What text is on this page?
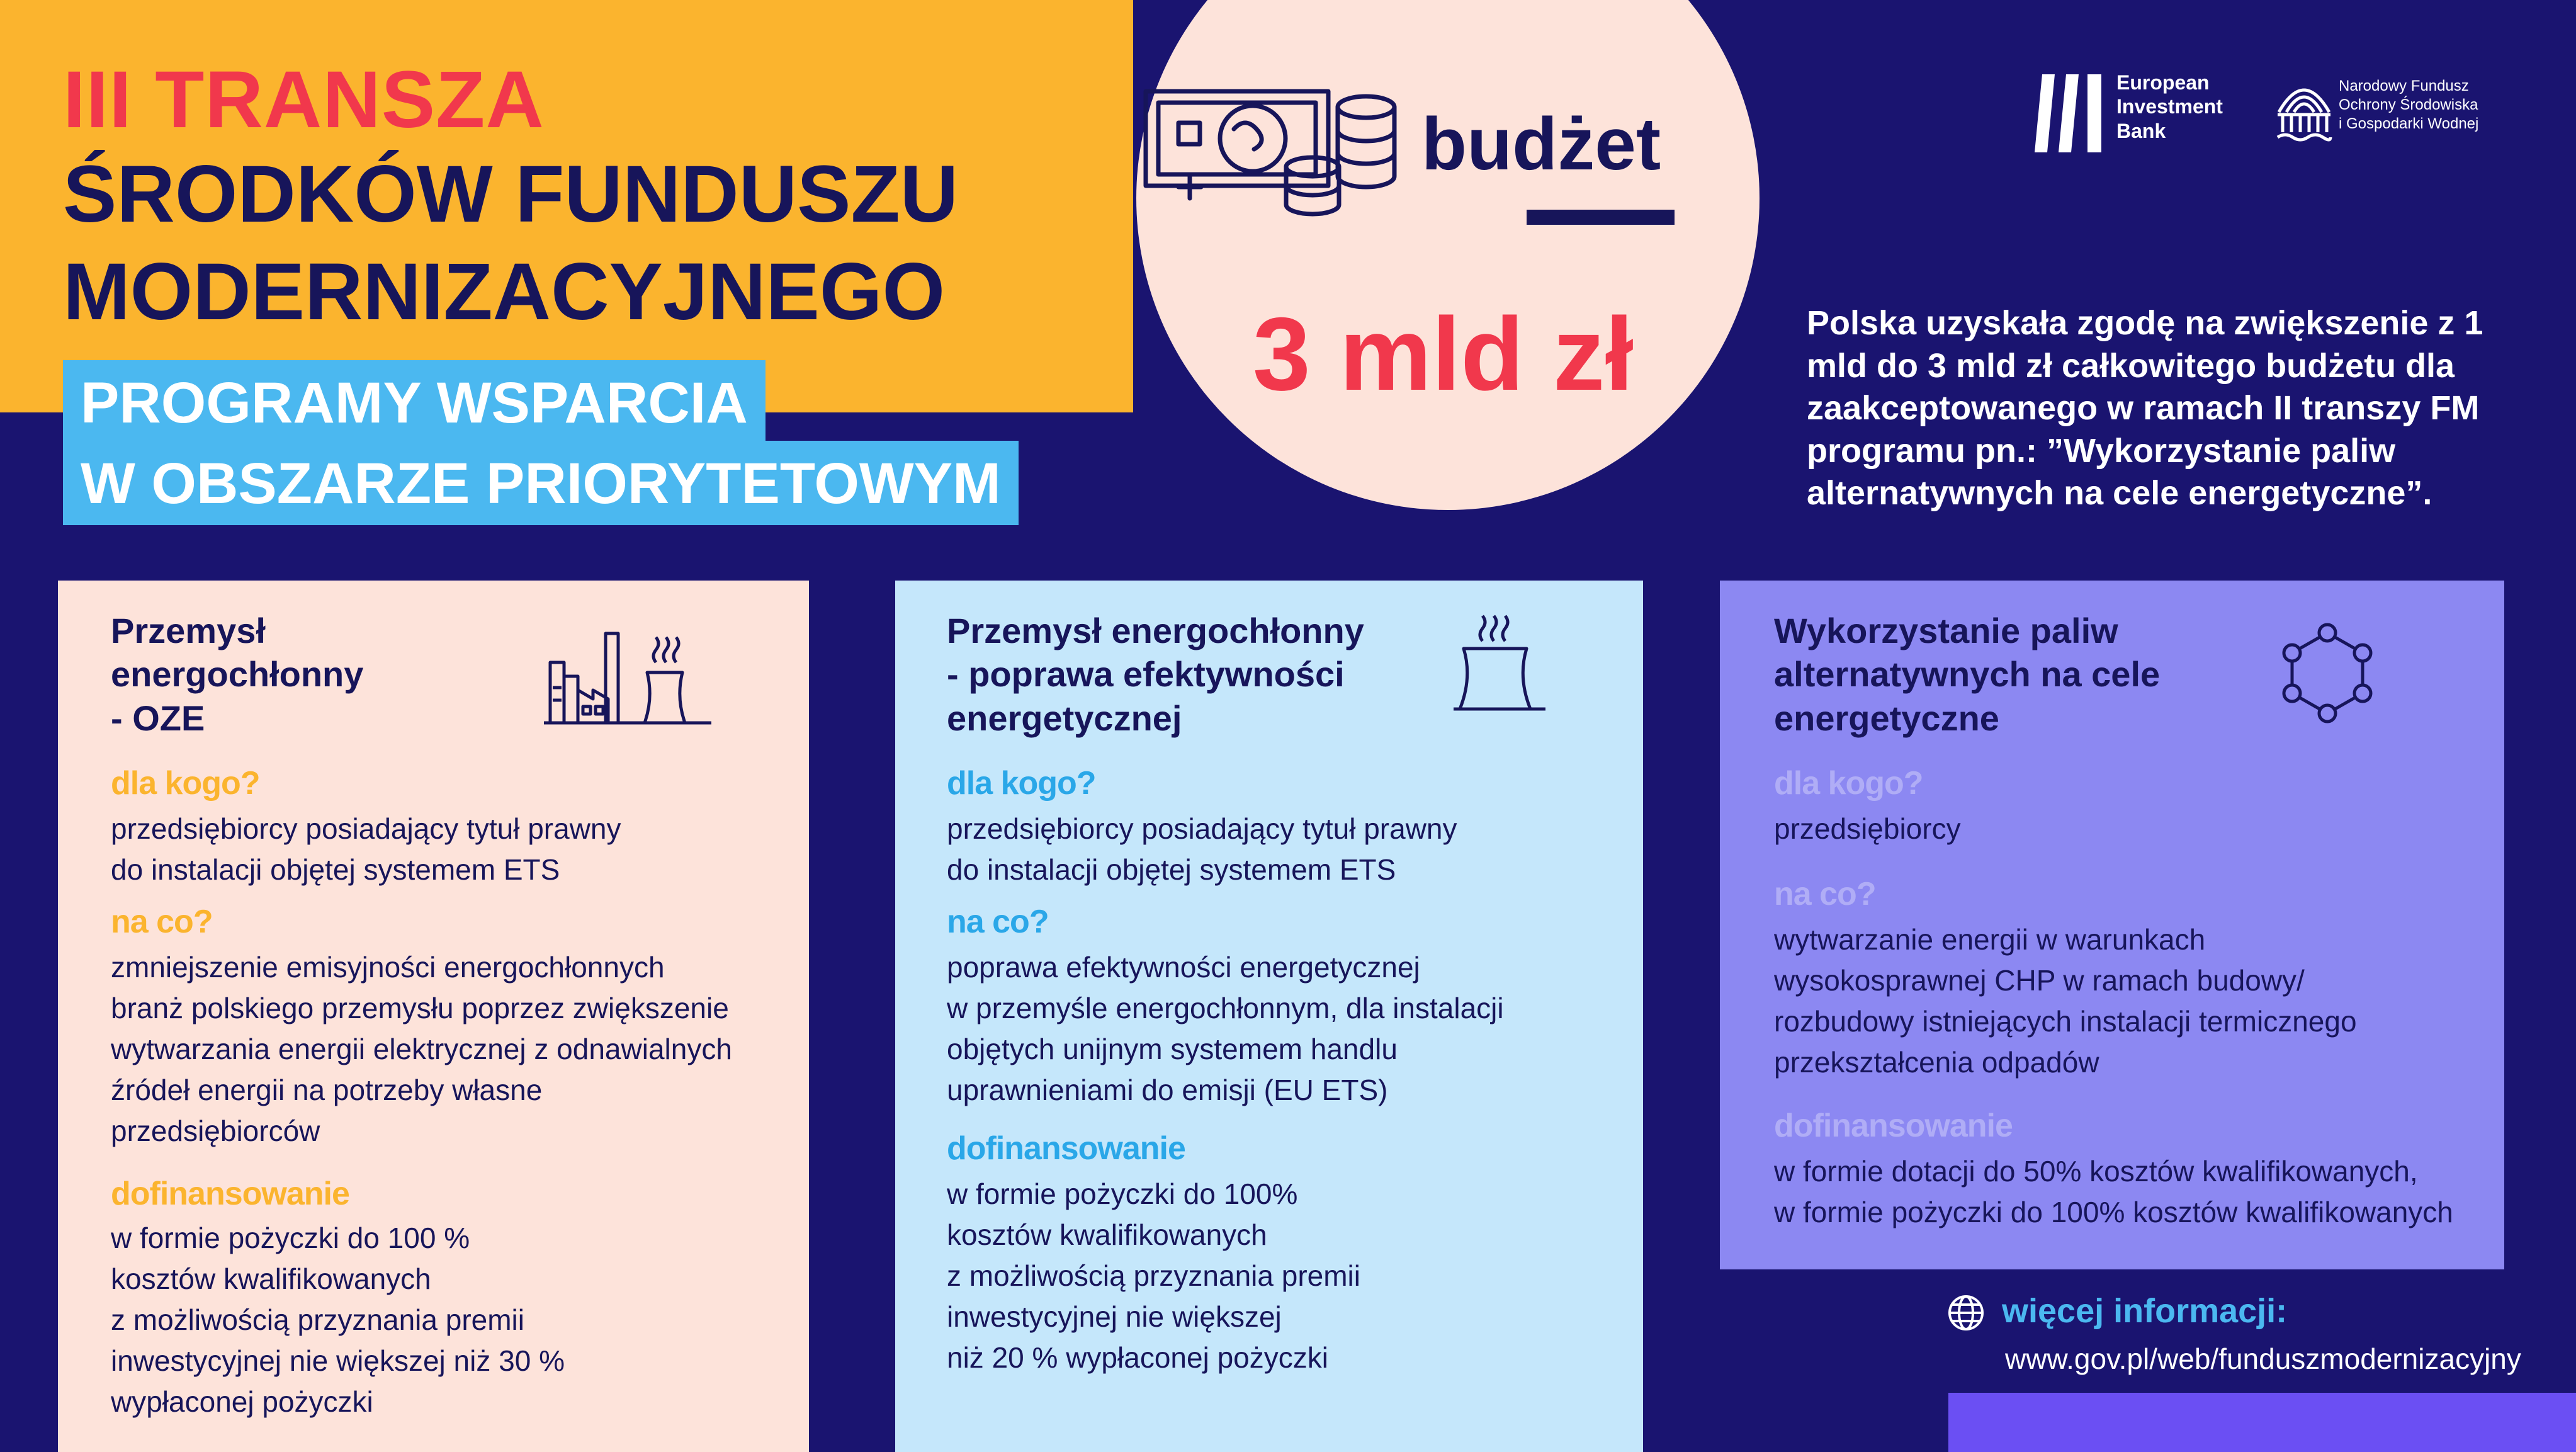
III TRANSZA
ŚRODKÓW FUNDUSZU
MODERNIZACYJNEGO
PROGRAMY WSPARCIA
W OBSZARZE PRIORYTETOWYM
budżet
3 mld zł
European
Investment
Bank
Narodowy Fundusz
Ochrony Środowiska
i Gospodarki Wodnej
Polska uzyskała zgodę na zwiększenie z 1 mld do 3 mld zł całkowitego budżetu dla zaakceptowanego w ramach II transzy FM programu pn.: ”Wykorzystanie paliw alternatywnych na cele energetyczne”.
Przemysł
energochłonny
- OZE
dla kogo?
przedsiębiorcy posiadający tytuł prawny
do instalacji objętej systemem ETS
na co?
zmniejszenie emisyjności energochłonnych
branż polskiego przemysłu poprzez zwiększenie
wytwarzania energii elektrycznej z odnawialnych
źródeł energii na potrzeby własne
przedsiębiorców
dofinansowanie
w formie pożyczki do 100 %
kosztów kwalifikowanych
z możliwością przyznania premii
inwestycyjnej nie większej niż 30 %
wypłaconej pożyczki
Przemysł energochłonny
- poprawa efektywności
energetycznej
dla kogo?
przedsiębiorcy posiadający tytuł prawny
do instalacji objętej systemem ETS
na co?
poprawa efektywności energetycznej
w przemyśle energochłonnym, dla instalacji
objętych unijnym systemem handlu
uprawnieniami do emisji (EU ETS)
dofinansowanie
w formie pożyczki do 100%
kosztów kwalifikowanych
z możliwością przyznania premii
inwestycyjnej nie większej
niż 20 % wypłaconej pożyczki
Wykorzystanie paliw
alternatywnych na cele
energetyczne
dla kogo?
przedsiębiorcy
na co?
wytwarzanie energii w warunkach
wysokosprawnej CHP w ramach budowy/
rozbudowy istniejących instalacji termicznego
przekształcenia odpadów
dofinansowanie
w formie dotacji do 50% kosztów kwalifikowanych,
w formie pożyczki do 100% kosztów kwalifikowanych
więcej informacji:
www.gov.pl/web/funduszmodernizacyjny
